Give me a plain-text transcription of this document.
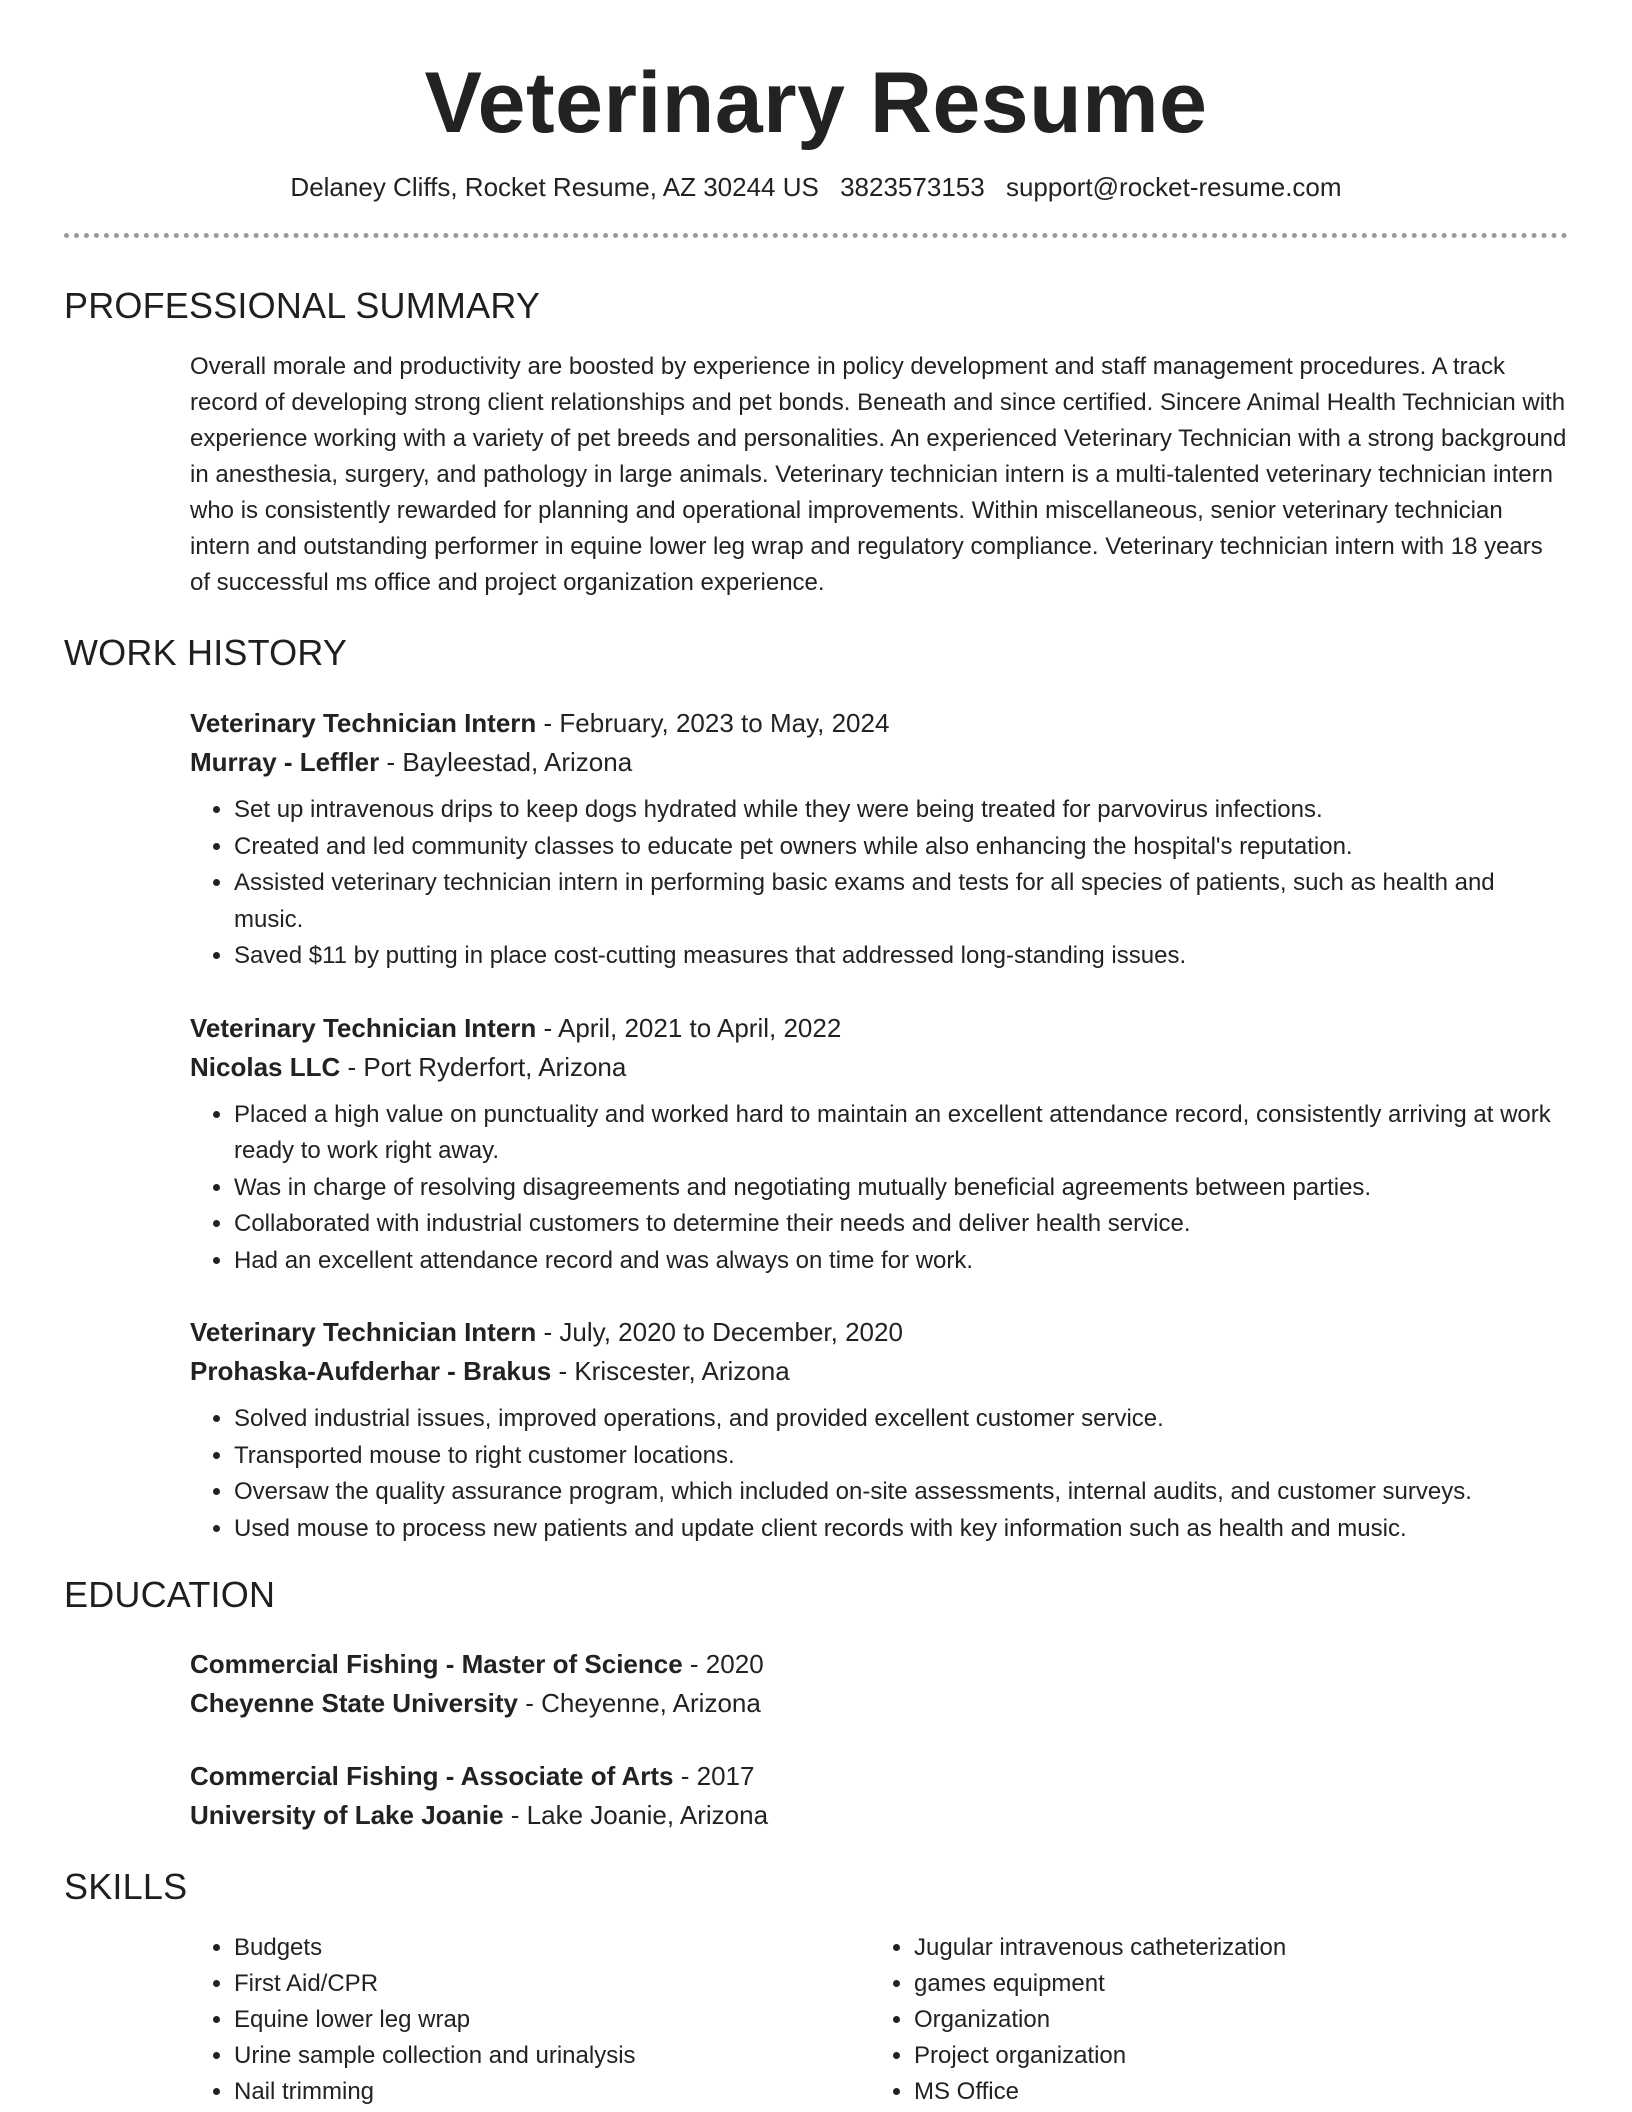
Veterinary Resume
Delaney Cliffs, Rocket Resume, AZ 30244 US 3823573153 support@rocket-resume.com
PROFESSIONAL SUMMARY
Overall morale and productivity are boosted by experience in policy development and staff management procedures. A track record of developing strong client relationships and pet bonds. Beneath and since certified. Sincere Animal Health Technician with experience working with a variety of pet breeds and personalities. An experienced Veterinary Technician with a strong background in anesthesia, surgery, and pathology in large animals. Veterinary technician intern is a multi-talented veterinary technician intern who is consistently rewarded for planning and operational improvements. Within miscellaneous, senior veterinary technician intern and outstanding performer in equine lower leg wrap and regulatory compliance. Veterinary technician intern with 18 years of successful ms office and project organization experience.
WORK HISTORY
Veterinary Technician Intern - February, 2023 to May, 2024
Murray - Leffler - Bayleestad, Arizona
• Set up intravenous drips to keep dogs hydrated while they were being treated for parvovirus infections.
• Created and led community classes to educate pet owners while also enhancing the hospital's reputation.
• Assisted veterinary technician intern in performing basic exams and tests for all species of patients, such as health and music.
• Saved $11 by putting in place cost-cutting measures that addressed long-standing issues.
Veterinary Technician Intern - April, 2021 to April, 2022
Nicolas LLC - Port Ryderfort, Arizona
• Placed a high value on punctuality and worked hard to maintain an excellent attendance record, consistently arriving at work ready to work right away.
• Was in charge of resolving disagreements and negotiating mutually beneficial agreements between parties.
• Collaborated with industrial customers to determine their needs and deliver health service.
• Had an excellent attendance record and was always on time for work.
Veterinary Technician Intern - July, 2020 to December, 2020
Prohaska-Aufderhar - Brakus - Kriscester, Arizona
• Solved industrial issues, improved operations, and provided excellent customer service.
• Transported mouse to right customer locations.
• Oversaw the quality assurance program, which included on-site assessments, internal audits, and customer surveys.
• Used mouse to process new patients and update client records with key information such as health and music.
EDUCATION
Commercial Fishing - Master of Science - 2020
Cheyenne State University - Cheyenne, Arizona
Commercial Fishing - Associate of Arts - 2017
University of Lake Joanie - Lake Joanie, Arizona
SKILLS
• Budgets
• First Aid/CPR
• Equine lower leg wrap
• Urine sample collection and urinalysis
• Nail trimming
• Jugular intravenous catheterization
• games equipment
• Organization
• Project organization
• MS Office
